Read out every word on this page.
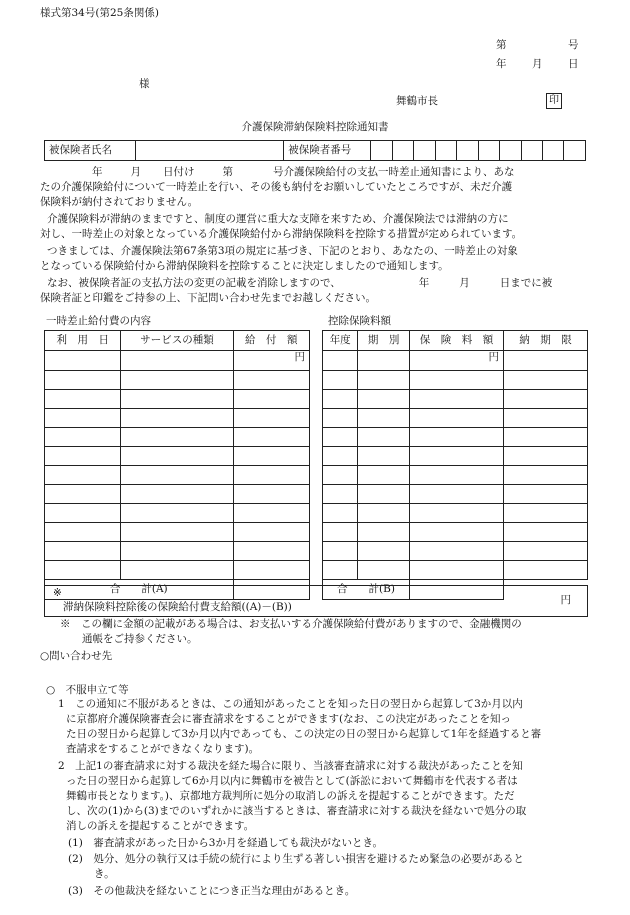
様式第34号(第25条関係)
第	号
年 月 日
様
舞鶴市長	印
介護保険滞納保険料控除通知書
被保険者氏名		被保険者番号										
年	月 日付け	第	号介護保険給付の支払一時差止通知書により、あな
たの介護保険給付について一時差止を行い、その後も納付をお願いしていたところですが、未だ介護
保険料が納付されておりません。
介護保険料が滞納のままですと、制度の運営に重大な支障を来すため、介護保険法では滞納の方に
対し、一時差止の対象となっている介護保険給付から滞納保険料を控除する措置が定められています。
つきましては、介護保険法第67条第3項の規定に基づき、下記のとおり、あなたの、一時差止の対象
となっている保険給付から滞納保険料を控除することに決定しましたので通知します。
なお、被保険者証の支払方法の変更の記載を消除しますので、	年	月	日までに被
保険者証と印鑑をご持参の上、下記問い合わせ先までお越しください。
一時差止給付費の内容	控除保険料額
利　用　日	サービスの種類	給　付　額
		円

合　　計(A)		
年度	期　別	保　険　料　額	納　期　限
		円	

合　　計(B)			
※
滞納保険料控除後の保険給付費支給額((A)－(B))
円
※　この欄に金額の記載がある場合は、お支払いする介護保険給付費がありますので、金融機関の
通帳をご持参ください。
○問い合わせ先
○　不服申立て等
1　この通知に不服があるときは、この通知があったことを知った日の翌日から起算して3か月以内
に京都府介護保険審査会に審査請求をすることができます(なお、この決定があったことを知っ
た日の翌日から起算して3か月以内であっても、この決定の日の翌日から起算して1年を経過すると審
査請求をすることができなくなります)。
2　上記1の審査請求に対する裁決を経た場合に限り、当該審査請求に対する裁決があったことを知
った日の翌日から起算して6か月以内に舞鶴市を被告として(訴訟において舞鶴市を代表する者は
舞鶴市長となります。)、京都地方裁判所に処分の取消しの訴えを提起することができます。ただ
し、次の(1)から(3)までのいずれかに該当するときは、審査請求に対する裁決を経ないで処分の取
消しの訴えを提起することができます。
(1)　審査請求があった日から3か月を経過しても裁決がないとき。
(2)　処分、処分の執行又は手続の続行により生ずる著しい損害を避けるため緊急の必要があると
き。
(3)　その他裁決を経ないことにつき正当な理由があるとき。
